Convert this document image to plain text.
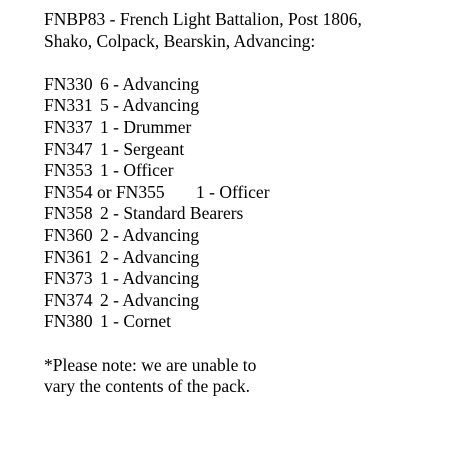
FNBP83 - French Light Battalion, Post 1806,
Shako, Colpack, Bearskin, Advancing:
FN330 6 - Advancing
FN331 5 - Advancing
FN337 1 - Drummer
FN347 1 - Sergeant
FN353 1 - Officer
FN354 or FN355	1 - Officer
FN358 2 - Standard Bearers
FN360 2 - Advancing
FN361 2 - Advancing
FN373 1 - Advancing
FN374 2 - Advancing
FN380 1 - Cornet
*Please note: we are unable to
vary the contents of the pack.
